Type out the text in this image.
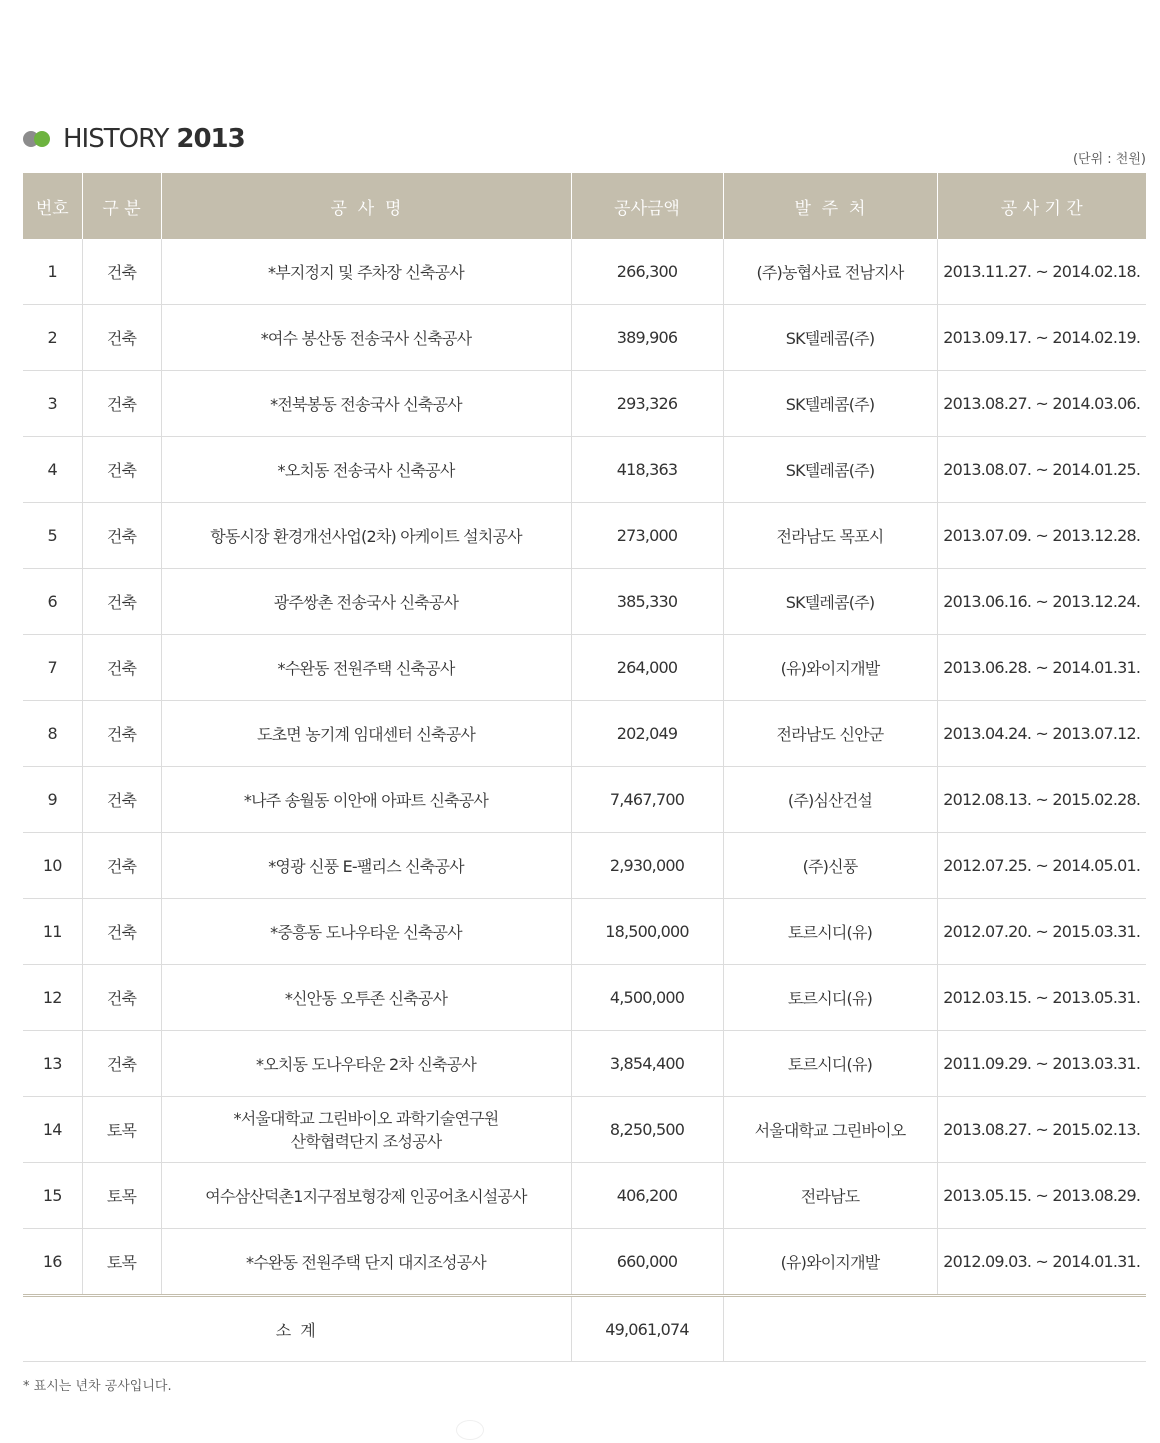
HISTORY 2013
(단위 : 천원)
번호	구 분	공  사  명	공사금액	발  주  처	공 사 기 간
1	건축	*부지정지 및 주차장 신축공사	266,300	(주)농협사료 전남지사	2013.11.27. ~ 2014.02.18.
2	건축	*여수 봉산동 전송국사 신축공사	389,906	SK텔레콤(주)	2013.09.17. ~ 2014.02.19.
3	건축	*전북봉동 전송국사 신축공사	293,326	SK텔레콤(주)	2013.08.27. ~ 2014.03.06.
4	건축	*오치동 전송국사 신축공사	418,363	SK텔레콤(주)	2013.08.07. ~ 2014.01.25.
5	건축	항동시장 환경개선사업(2차) 아케이트 설치공사	273,000	전라남도 목포시	2013.07.09. ~ 2013.12.28.
6	건축	광주쌍촌 전송국사 신축공사	385,330	SK텔레콤(주)	2013.06.16. ~ 2013.12.24.
7	건축	*수완동 전원주택 신축공사	264,000	(유)와이지개발	2013.06.28. ~ 2014.01.31.
8	건축	도초면 농기계 임대센터 신축공사	202,049	전라남도 신안군	2013.04.24. ~ 2013.07.12.
9	건축	*나주 송월동 이안애 아파트 신축공사	7,467,700	(주)심산건설	2012.08.13. ~ 2015.02.28.
10	건축	*영광 신풍 E-팰리스 신축공사	2,930,000	(주)신풍	2012.07.25. ~ 2014.05.01.
11	건축	*중흥동 도나우타운 신축공사	18,500,000	토르시디(유)	2012.07.20. ~ 2015.03.31.
12	건축	*신안동 오투존 신축공사	4,500,000	토르시디(유)	2012.03.15. ~ 2013.05.31.
13	건축	*오치동 도나우타운 2차 신축공사	3,854,400	토르시디(유)	2011.09.29. ~ 2013.03.31.
14	토목	*서울대학교 그린바이오 과학기술연구원
산학협력단지 조성공사	8,250,500	서울대학교 그린바이오	2013.08.27. ~ 2015.02.13.
15	토목	여수삼산덕촌1지구점보형강제 인공어초시설공사	406,200	전라남도	2013.05.15. ~ 2013.08.29.
16	토목	*수완동 전원주택 단지 대지조성공사	660,000	(유)와이지개발	2012.09.03. ~ 2014.01.31.
소 계			49,061,074		
* 표시는 년차 공사입니다.
